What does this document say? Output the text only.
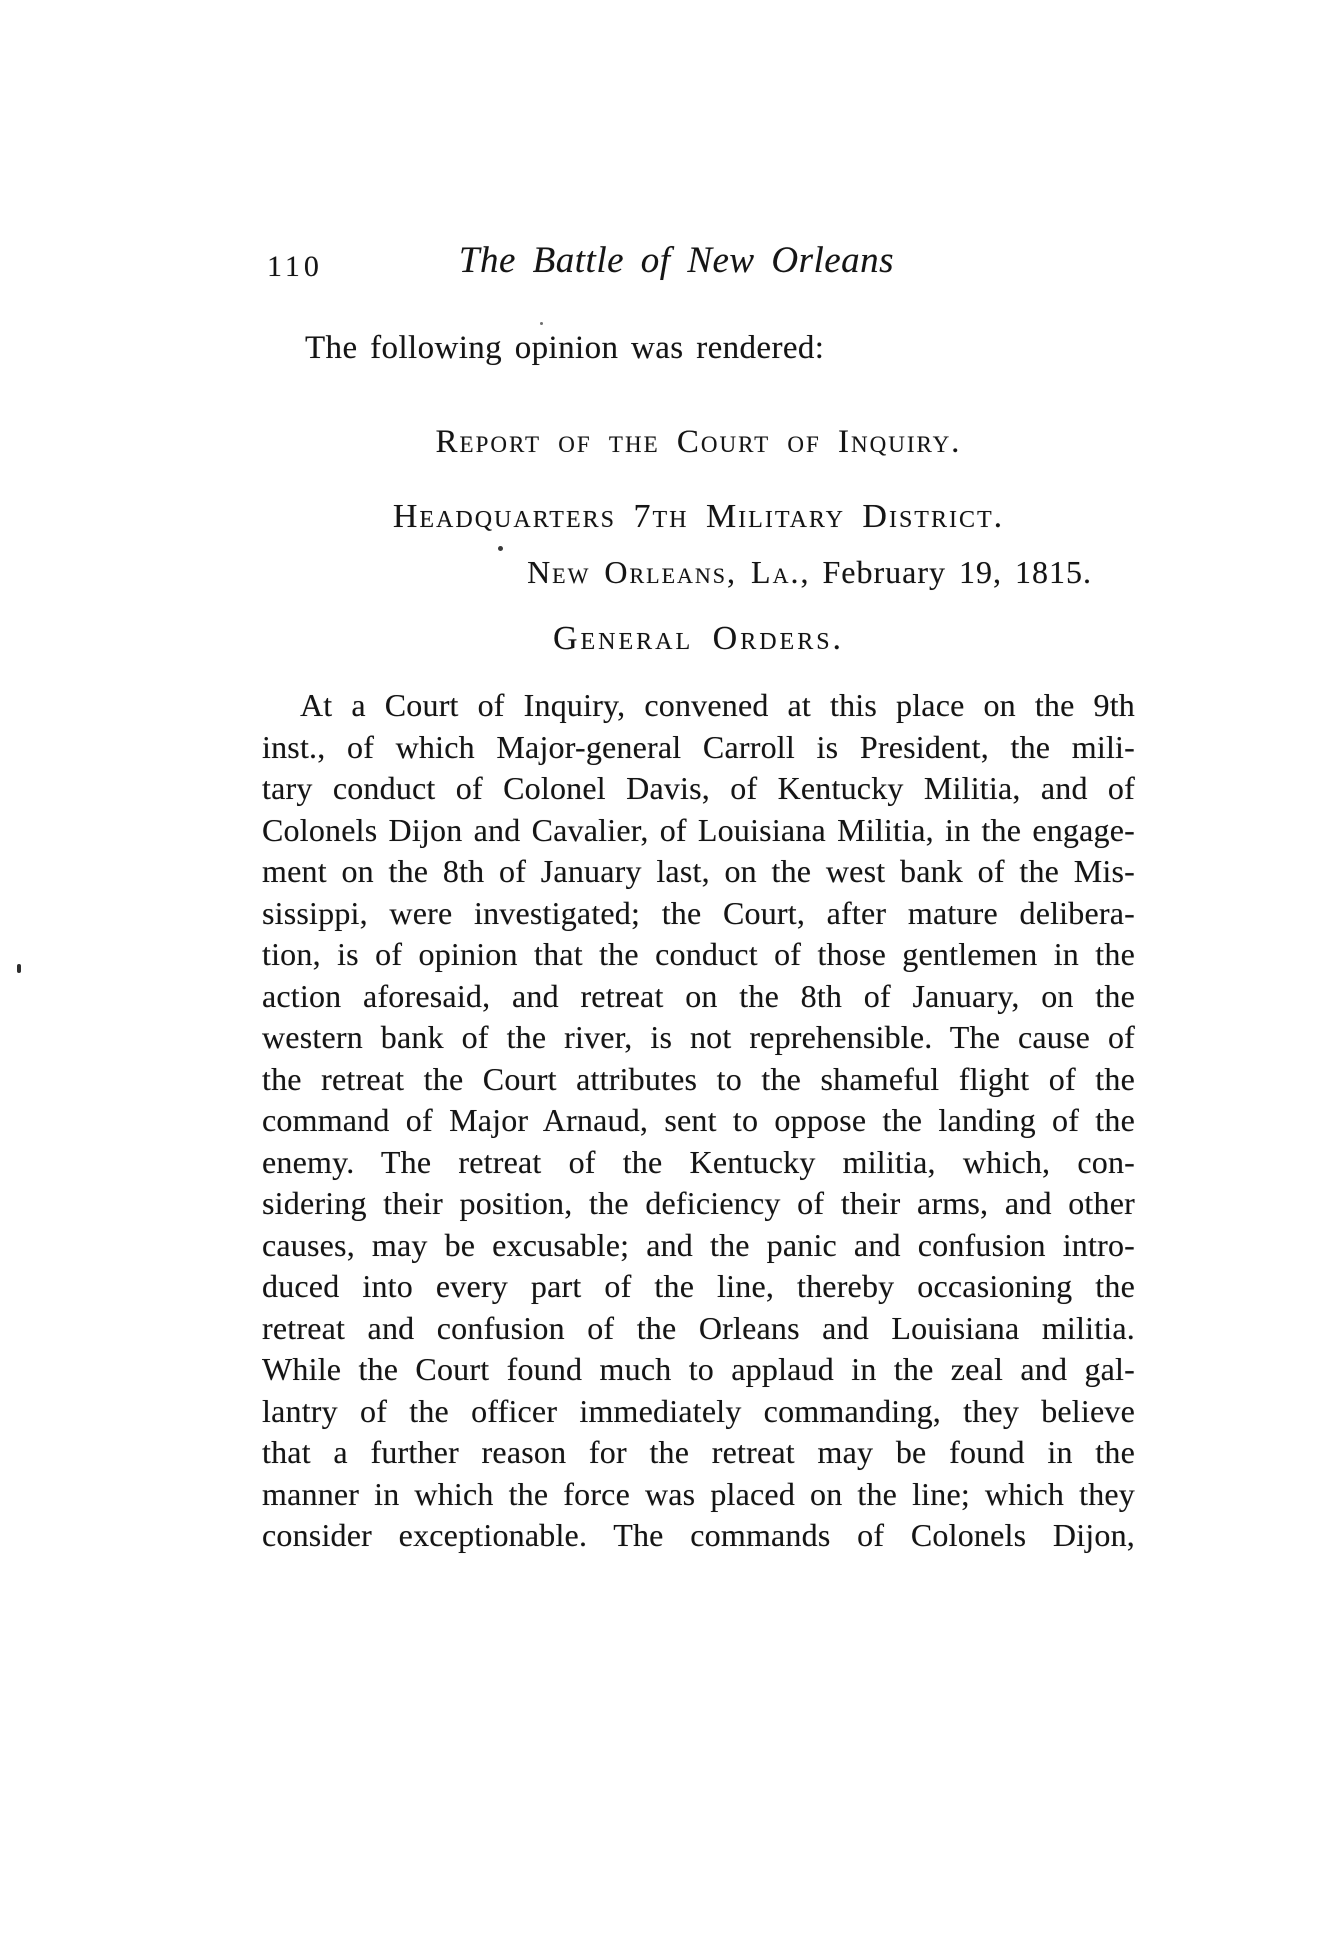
110	The Battle of New Orleans
The following opinion was rendered:
Report of the Court of Inquiry.
Headquarters 7th Military District.
New Orleans, La., February 19, 1815.
General Orders.
At a Court of Inquiry, convened at this place on the 9th
inst., of which Major-general Carroll is President, the mili-
tary conduct of Colonel Davis, of Kentucky Militia, and of
Colonels Dijon and Cavalier, of Louisiana Militia, in the engage-
ment on the 8th of January last, on the west bank of the Mis-
sissippi, were investigated; the Court, after mature delibera-
tion, is of opinion that the conduct of those gentlemen in the
action aforesaid, and retreat on the 8th of January, on the
western bank of the river, is not reprehensible. The cause of
the retreat the Court attributes to the shameful flight of the
command of Major Arnaud, sent to oppose the landing of the
enemy. The retreat of the Kentucky militia, which, con-
sidering their position, the deficiency of their arms, and other
causes, may be excusable; and the panic and confusion intro-
duced into every part of the line, thereby occasioning the
retreat and confusion of the Orleans and Louisiana militia.
While the Court found much to applaud in the zeal and gal-
lantry of the officer immediately commanding, they believe
that a further reason for the retreat may be found in the
manner in which the force was placed on the line; which they
consider exceptionable. The commands of Colonels Dijon,
